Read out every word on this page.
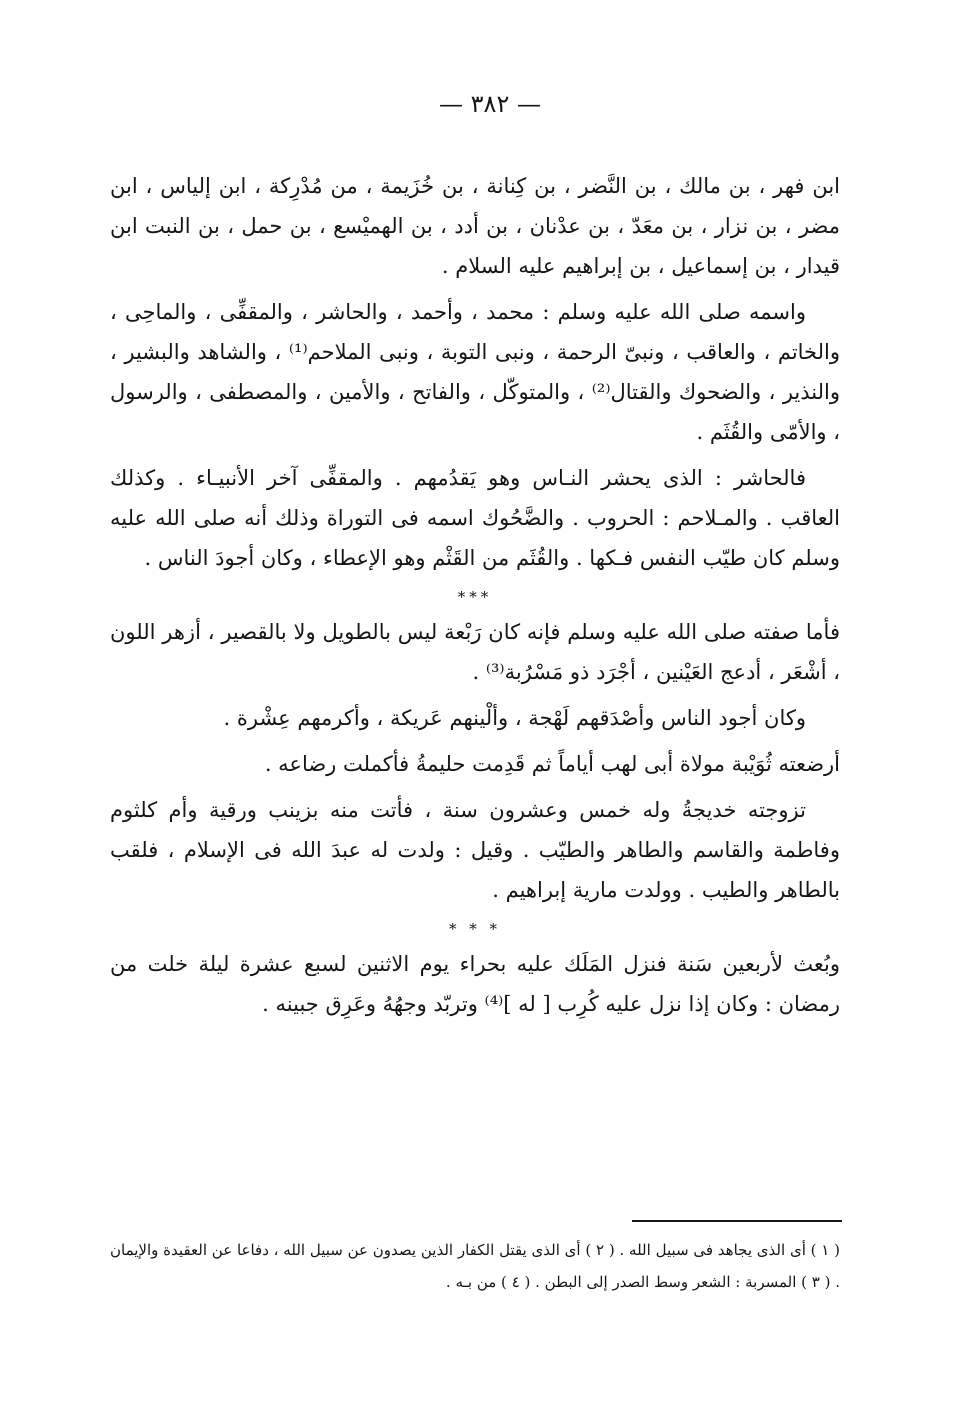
— ٣٨٢ —

ابن فهر ، بن مالك ، بن النَّضر ، بن كِنانة ، بن خُزَيمة ، من مُدْرِكة ، ابن إلياس ، ابن مضر ، بن نزار ، بن معَدّ ، بن عدْنان ، بن أدد ، بن الهميْسع ، بن حمل ، بن النبت ابن قيدار ، بن إسماعيل ، بن إبراهيم عليه السلام .

واسمه صلى الله عليه وسلم : محمد ، وأحمد ، والحاشر ، والمقفِّى ، والماحِى ، والخاتم ، والعاقب ، ونبىّ الرحمة ، ونبى التوبة ، ونبى الملاحم⁽¹⁾ ، والشاهد والبشير ، والنذير ، والضحوك والقتال⁽²⁾ ، والمتوكّل ، والفاتح ، والأمين ، والمصطفى ، والرسول ، والأمّى والقُثَم .

فالحاشر : الذى يحشر النـاس وهو يَقدُمهم . والمقفِّى آخر الأنبيـاء . وكذلك العاقب . والمـلاحم : الحروب . والضَّحُوك اسمه فى التوراة وذلك أنه صلى الله عليه وسلم كان طيّب النفس فـكها . والقُثَم من القَثْم وهو الإعطاء ، وكان أجودَ الناس .

***

فأما صفته صلى الله عليه وسلم فإنه كان رَبْعة ليس بالطويل ولا بالقصير ، أزهر اللون ، أشْعَر ، أدعج العَيْنين ، أجْرَد ذو مَسْرُبة⁽³⁾ .

وكان أجود الناس وأصْدَقهم لَهْجة ، وألْينهم عَريكة ، وأكرمهم عِشْرة .

أرضعته ثُوَيْبة مولاة أبى لهب أياماً ثم قَدِمت حليمةُ فأكملت رضاعه .

تزوجته خديجةُ وله خمس وعشرون سنة ، فأتت منه بزينب ورقية وأم كلثوم وفاطمة والقاسم والطاهر والطيّب . وقيل : ولدت له عبدَ الله فى الإسلام ، فلقب بالطاهر والطيب . وولدت مارية إبراهيم .

* * *

وبُعث لأربعين سَنة فنزل المَلَك عليه بحراء يوم الاثنين لسبع عشرة ليلة خلت من رمضان : وكان إذا نزل عليه كُرِب [ له ]⁽⁴⁾ وتربّد وجهُهُ وعَرِق جبينه .

( ١ ) أى الذى يجاهد فى سبيل الله . ( ٢ ) أى الذى يقتل الكفار الذين يصدون عن سبيل الله ، دفاعا عن العقيدة والإيمان . ( ٣ ) المسربة : الشعر وسط الصدر إلى البطن . ( ٤ ) من بـه .
